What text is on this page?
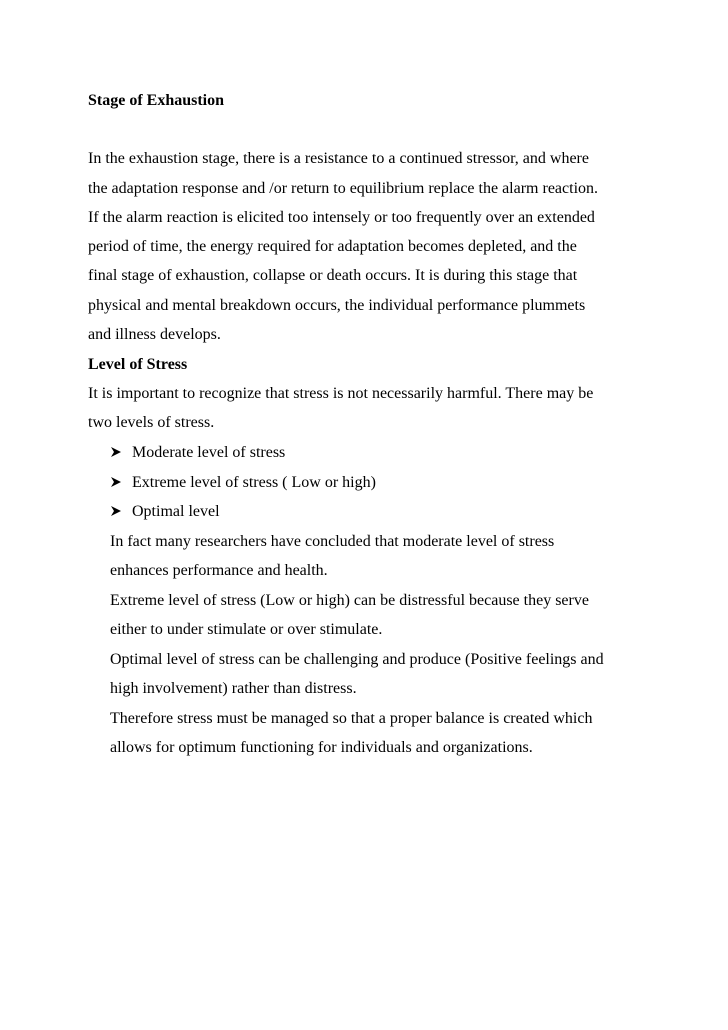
Stage of Exhaustion
In the exhaustion stage, there is a resistance to a continued stressor, and where
the adaptation response and /or return to equilibrium replace the alarm reaction.
If the alarm reaction is elicited too intensely or too frequently over an extended
period of time, the energy required for adaptation becomes depleted, and the
final stage of exhaustion, collapse or death occurs. It is during this stage that
physical and mental breakdown occurs, the individual performance plummets
and illness develops.
Level of Stress
It is important to recognize that stress is not necessarily harmful. There may be
two levels of stress.
Moderate level of stress
Extreme level of stress ( Low or high)
Optimal level
In fact many researchers have concluded that moderate level of stress
enhances performance and health.
Extreme level of stress (Low or high) can be distressful because they serve
either to under stimulate or over stimulate.
Optimal level of stress can be challenging and produce (Positive feelings and
high involvement) rather than distress.
Therefore stress must be managed so that a proper balance is created which
allows for optimum functioning for individuals and organizations.
